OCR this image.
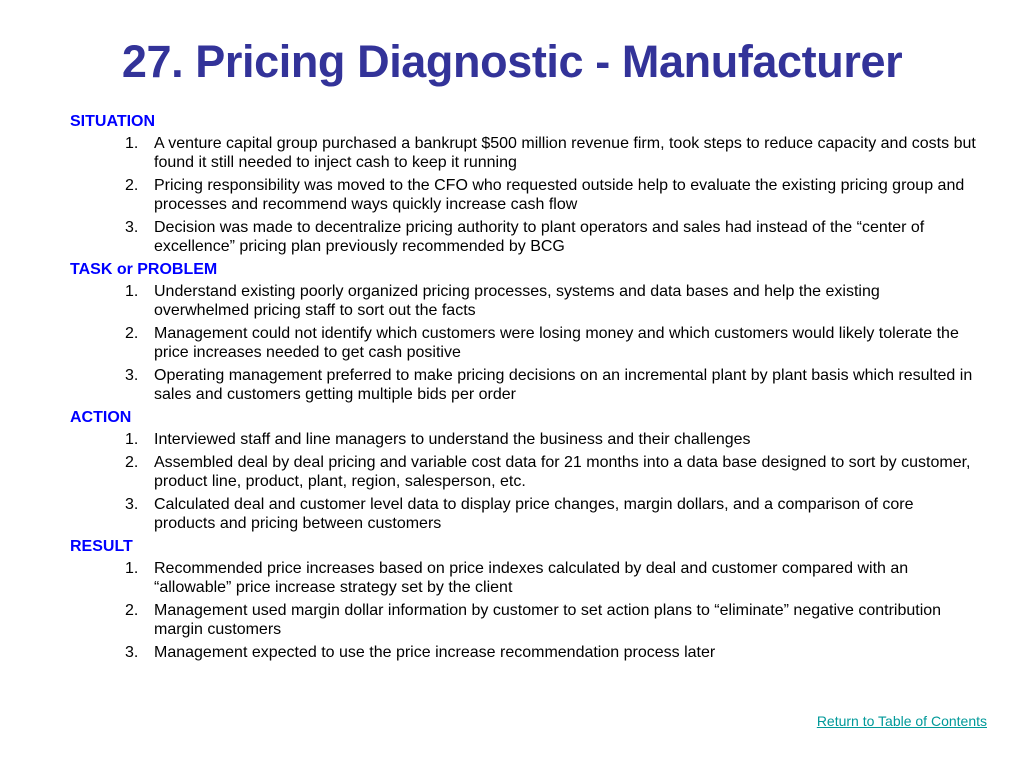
27. Pricing Diagnostic - Manufacturer
SITUATION
1. A venture capital group purchased a bankrupt $500 million revenue firm, took steps to reduce capacity and costs but found it still needed to inject cash to keep it running
2. Pricing responsibility was moved to the CFO who requested outside help to evaluate the existing pricing group and processes and recommend ways quickly increase cash flow
3. Decision was made to decentralize pricing authority to plant operators and sales had instead of the “center of excellence” pricing plan previously recommended by BCG
TASK or PROBLEM
1. Understand existing poorly organized pricing processes, systems and data bases and help the existing overwhelmed pricing staff to sort out the facts
2. Management could not identify which customers were losing money and which customers would likely tolerate the price increases needed to get cash positive
3. Operating management preferred to make pricing decisions on an incremental plant by plant basis which resulted in sales and customers getting multiple bids per order
ACTION
1. Interviewed staff and line managers to understand the business and their challenges
2. Assembled deal by deal pricing and variable cost data for 21 months into a data base designed to sort by customer, product line, product, plant, region, salesperson, etc.
3. Calculated deal and customer level data to display price changes, margin dollars, and a comparison of core products and pricing between customers
RESULT
1. Recommended price increases based on price indexes calculated by deal and customer compared with an “allowable” price increase strategy set by the client
2. Management used margin dollar information by customer to set action plans to “eliminate” negative contribution margin customers
3. Management expected to use the price increase recommendation process later
Return to Table of Contents
